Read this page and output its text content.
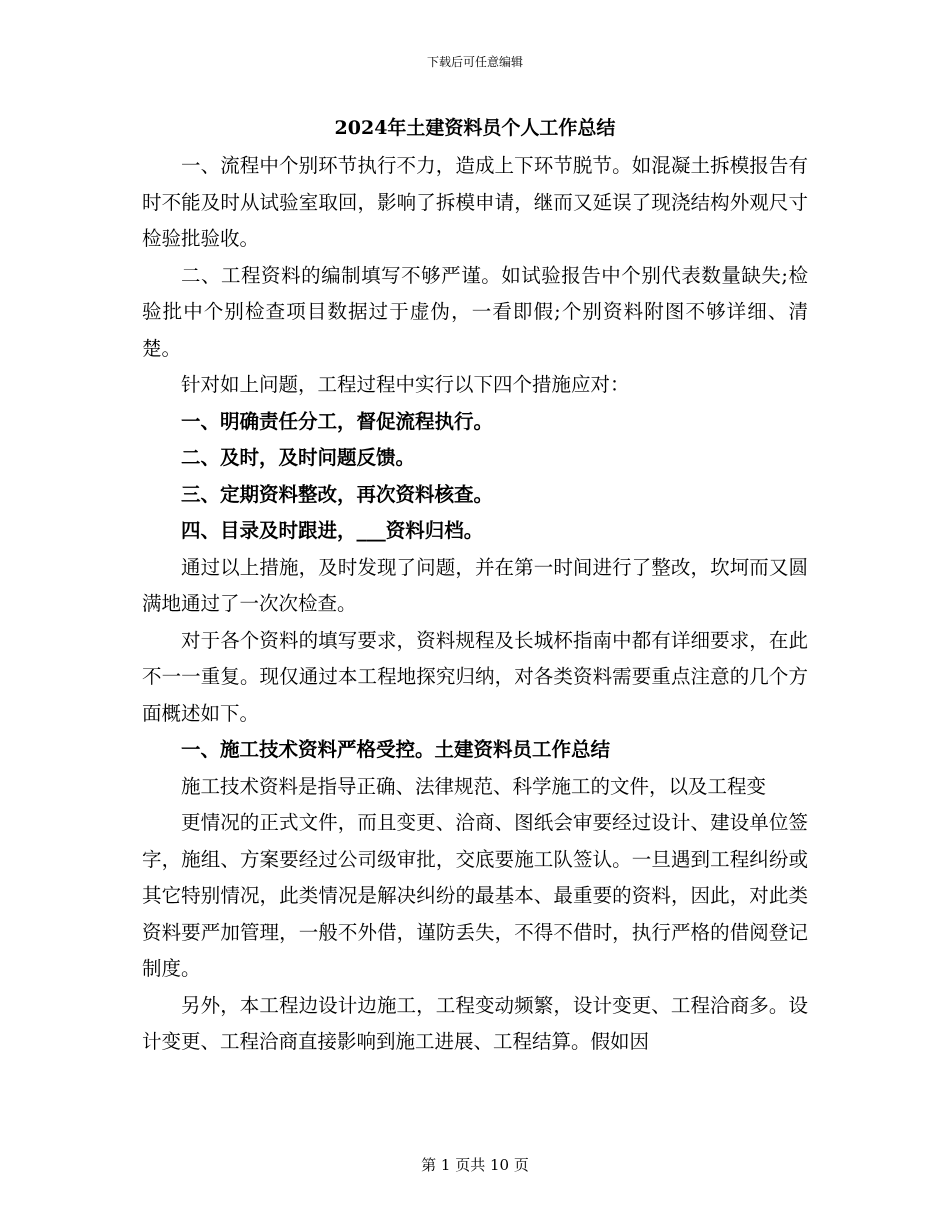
下载后可任意编辑
2024年土建资料员个人工作总结

一、流程中个别环节执行不力，造成上下环节脱节。如混凝土拆模报告有时不能及时从试验室取回，影响了拆模申请，继而又延误了现浇结构外观尺寸检验批验收。

二、工程资料的编制填写不够严谨。如试验报告中个别代表数量缺失;检验批中个别检查项目数据过于虚伪，一看即假;个别资料附图不够详细、清楚。

针对如上问题，工程过程中实行以下四个措施应对：

一、明确责任分工，督促流程执行。

二、及时，及时问题反馈。

三、定期资料整改，再次资料核查。

四、目录及时跟进，___资料归档。

通过以上措施，及时发现了问题，并在第一时间进行了整改，坎坷而又圆满地通过了一次次检查。

对于各个资料的填写要求，资料规程及长城杯指南中都有详细要求，在此不一一重复。现仅通过本工程地探究归纳，对各类资料需要重点注意的几个方面概述如下。

一、施工技术资料严格受控。土建资料员工作总结

施工技术资料是指导正确、法律规范、科学施工的文件，以及工程变

更情况的正式文件，而且变更、洽商、图纸会审要经过设计、建设单位签字，施组、方案要经过公司级审批，交底要施工队签认。一旦遇到工程纠纷或其它特别情况，此类情况是解决纠纷的最基本、最重要的资料，因此，对此类资料要严加管理，一般不外借，谨防丢失，不得不借时，执行严格的借阅登记制度。

另外，本工程边设计边施工，工程变动频繁，设计变更、工程洽商多。设计变更、工程洽商直接影响到施工进展、工程结算。假如因

第 1 页共 10 页
